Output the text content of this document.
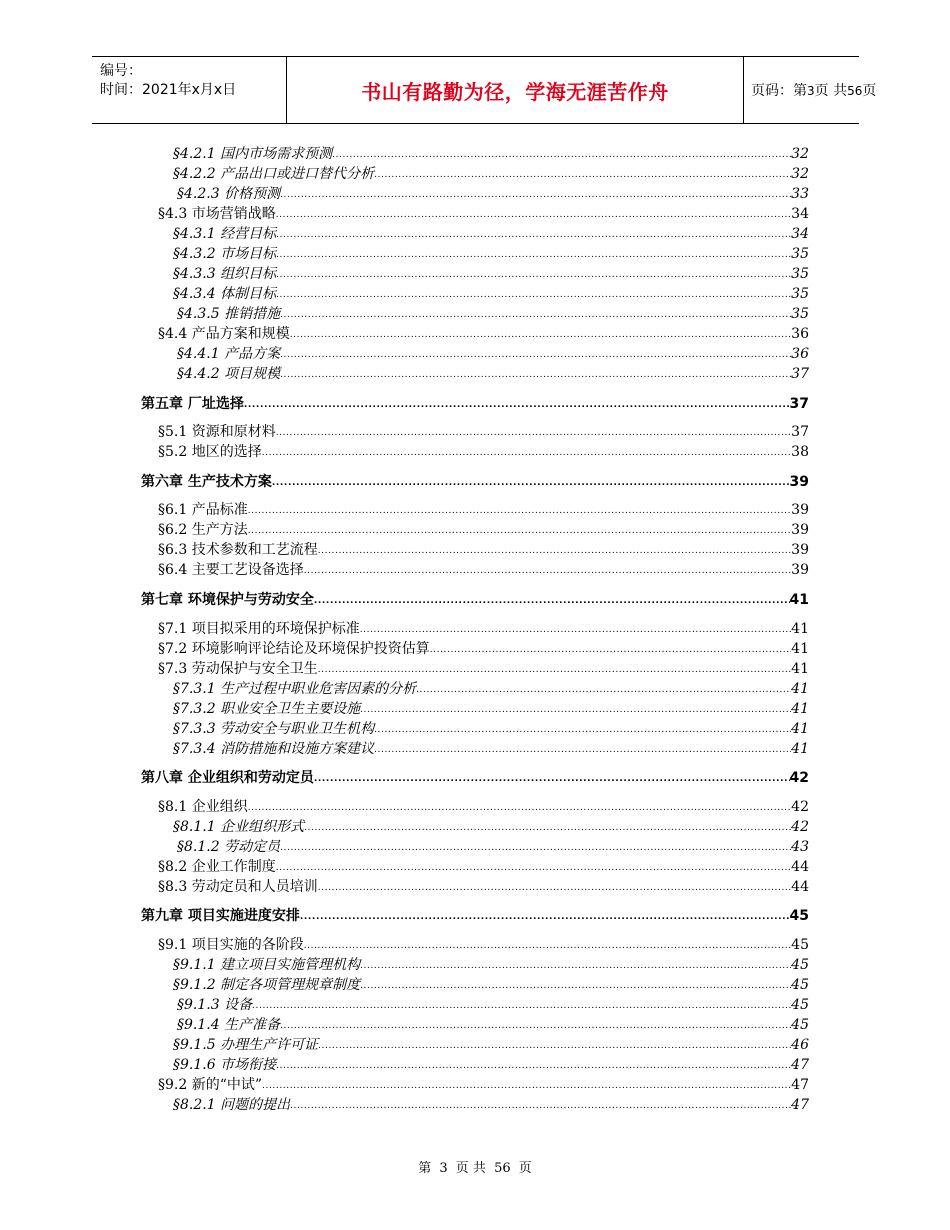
编号：
时间：2021年x月x日	书山有路勤为径，学海无涯苦作舟	页码：第3页 共56页
§4.2.1 国内市场需求预测 .....	32
§4.2.2 产品出口或进口替代分析 .....	32
§4.2.3 价格预测 .....	33
§4.3 市场营销战略 .....	34
§4.3.1 经营目标 .....	34
§4.3.2 市场目标 .....	35
§4.3.3 组织目标 .....	35
§4.3.4 体制目标 .....	35
§4.3.5 推销措施 .....	35
§4.4 产品方案和规模 .....	36
§4.4.1 产品方案 .....	36
§4.4.2 项目规模 .....	37
第五章 厂址选择 .....	37
§5.1 资源和原材料 .....	37
§5.2 地区的选择 .....	38
第六章 生产技术方案 .....	39
§6.1 产品标准 .....	39
§6.2 生产方法 .....	39
§6.3 技术参数和工艺流程 .....	39
§6.4 主要工艺设备选择 .....	39
第七章 环境保护与劳动安全 .....	41
§7.1 项目拟采用的环境保护标准 .....	41
§7.2 环境影响评论结论及环境保护投资估算 .....	41
§7.3 劳动保护与安全卫生 .....	41
§7.3.1 生产过程中职业危害因素的分析 .....	41
§7.3.2 职业安全卫生主要设施 .....	41
§7.3.3 劳动安全与职业卫生机构 .....	41
§7.3.4 消防措施和设施方案建议 .....	41
第八章 企业组织和劳动定员 .....	42
§8.1 企业组织 .....	42
§8.1.1 企业组织形式 .....	42
§8.1.2 劳动定员 .....	43
§8.2 企业工作制度 .....	44
§8.3 劳动定员和人员培训 .....	44
第九章 项目实施进度安排 .....	45
§9.1 项目实施的各阶段 .....	45
§9.1.1 建立项目实施管理机构 .....	45
§9.1.2 制定各项管理规章制度 .....	45
§9.1.3 设备 .....	45
§9.1.4 生产准备 .....	45
§9.1.5 办理生产许可证 .....	46
§9.1.6 市场衔接 .....	47
§9.2 新的“中试” .....	47
§8.2.1 问题的提出 .....	47
第 3 页 共 56 页
